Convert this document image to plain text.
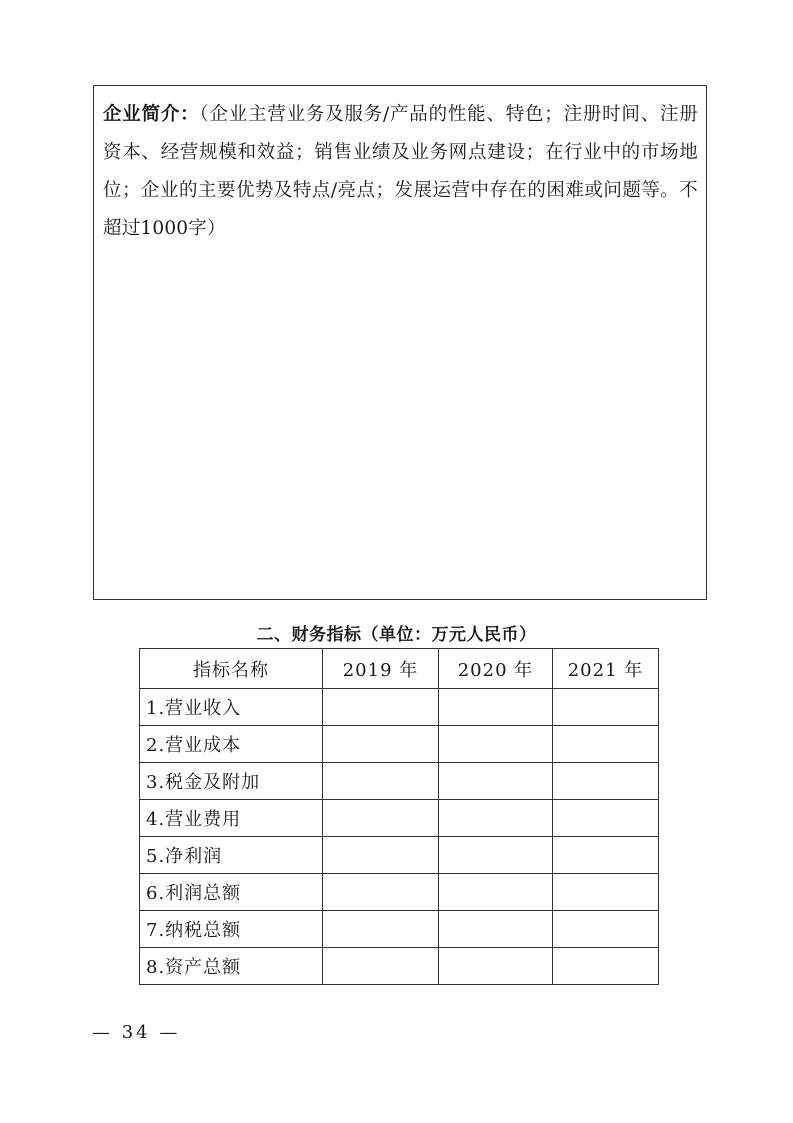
企业简介：（企业主营业务及服务/产品的性能、特色；注册时间、注册资本、经营规模和效益；销售业绩及业务网点建设；在行业中的市场地位；企业的主要优势及特点/亮点；发展运营中存在的困难或问题等。不超过1000字）
二、财务指标（单位：万元人民币）
指标名称	2019 年	2020 年	2021 年
1.营业收入			
2.营业成本			
3.税金及附加			
4.营业费用			
5.净利润			
6.利润总额			
7.纳税总额			
8.资产总额			
— 34 —
